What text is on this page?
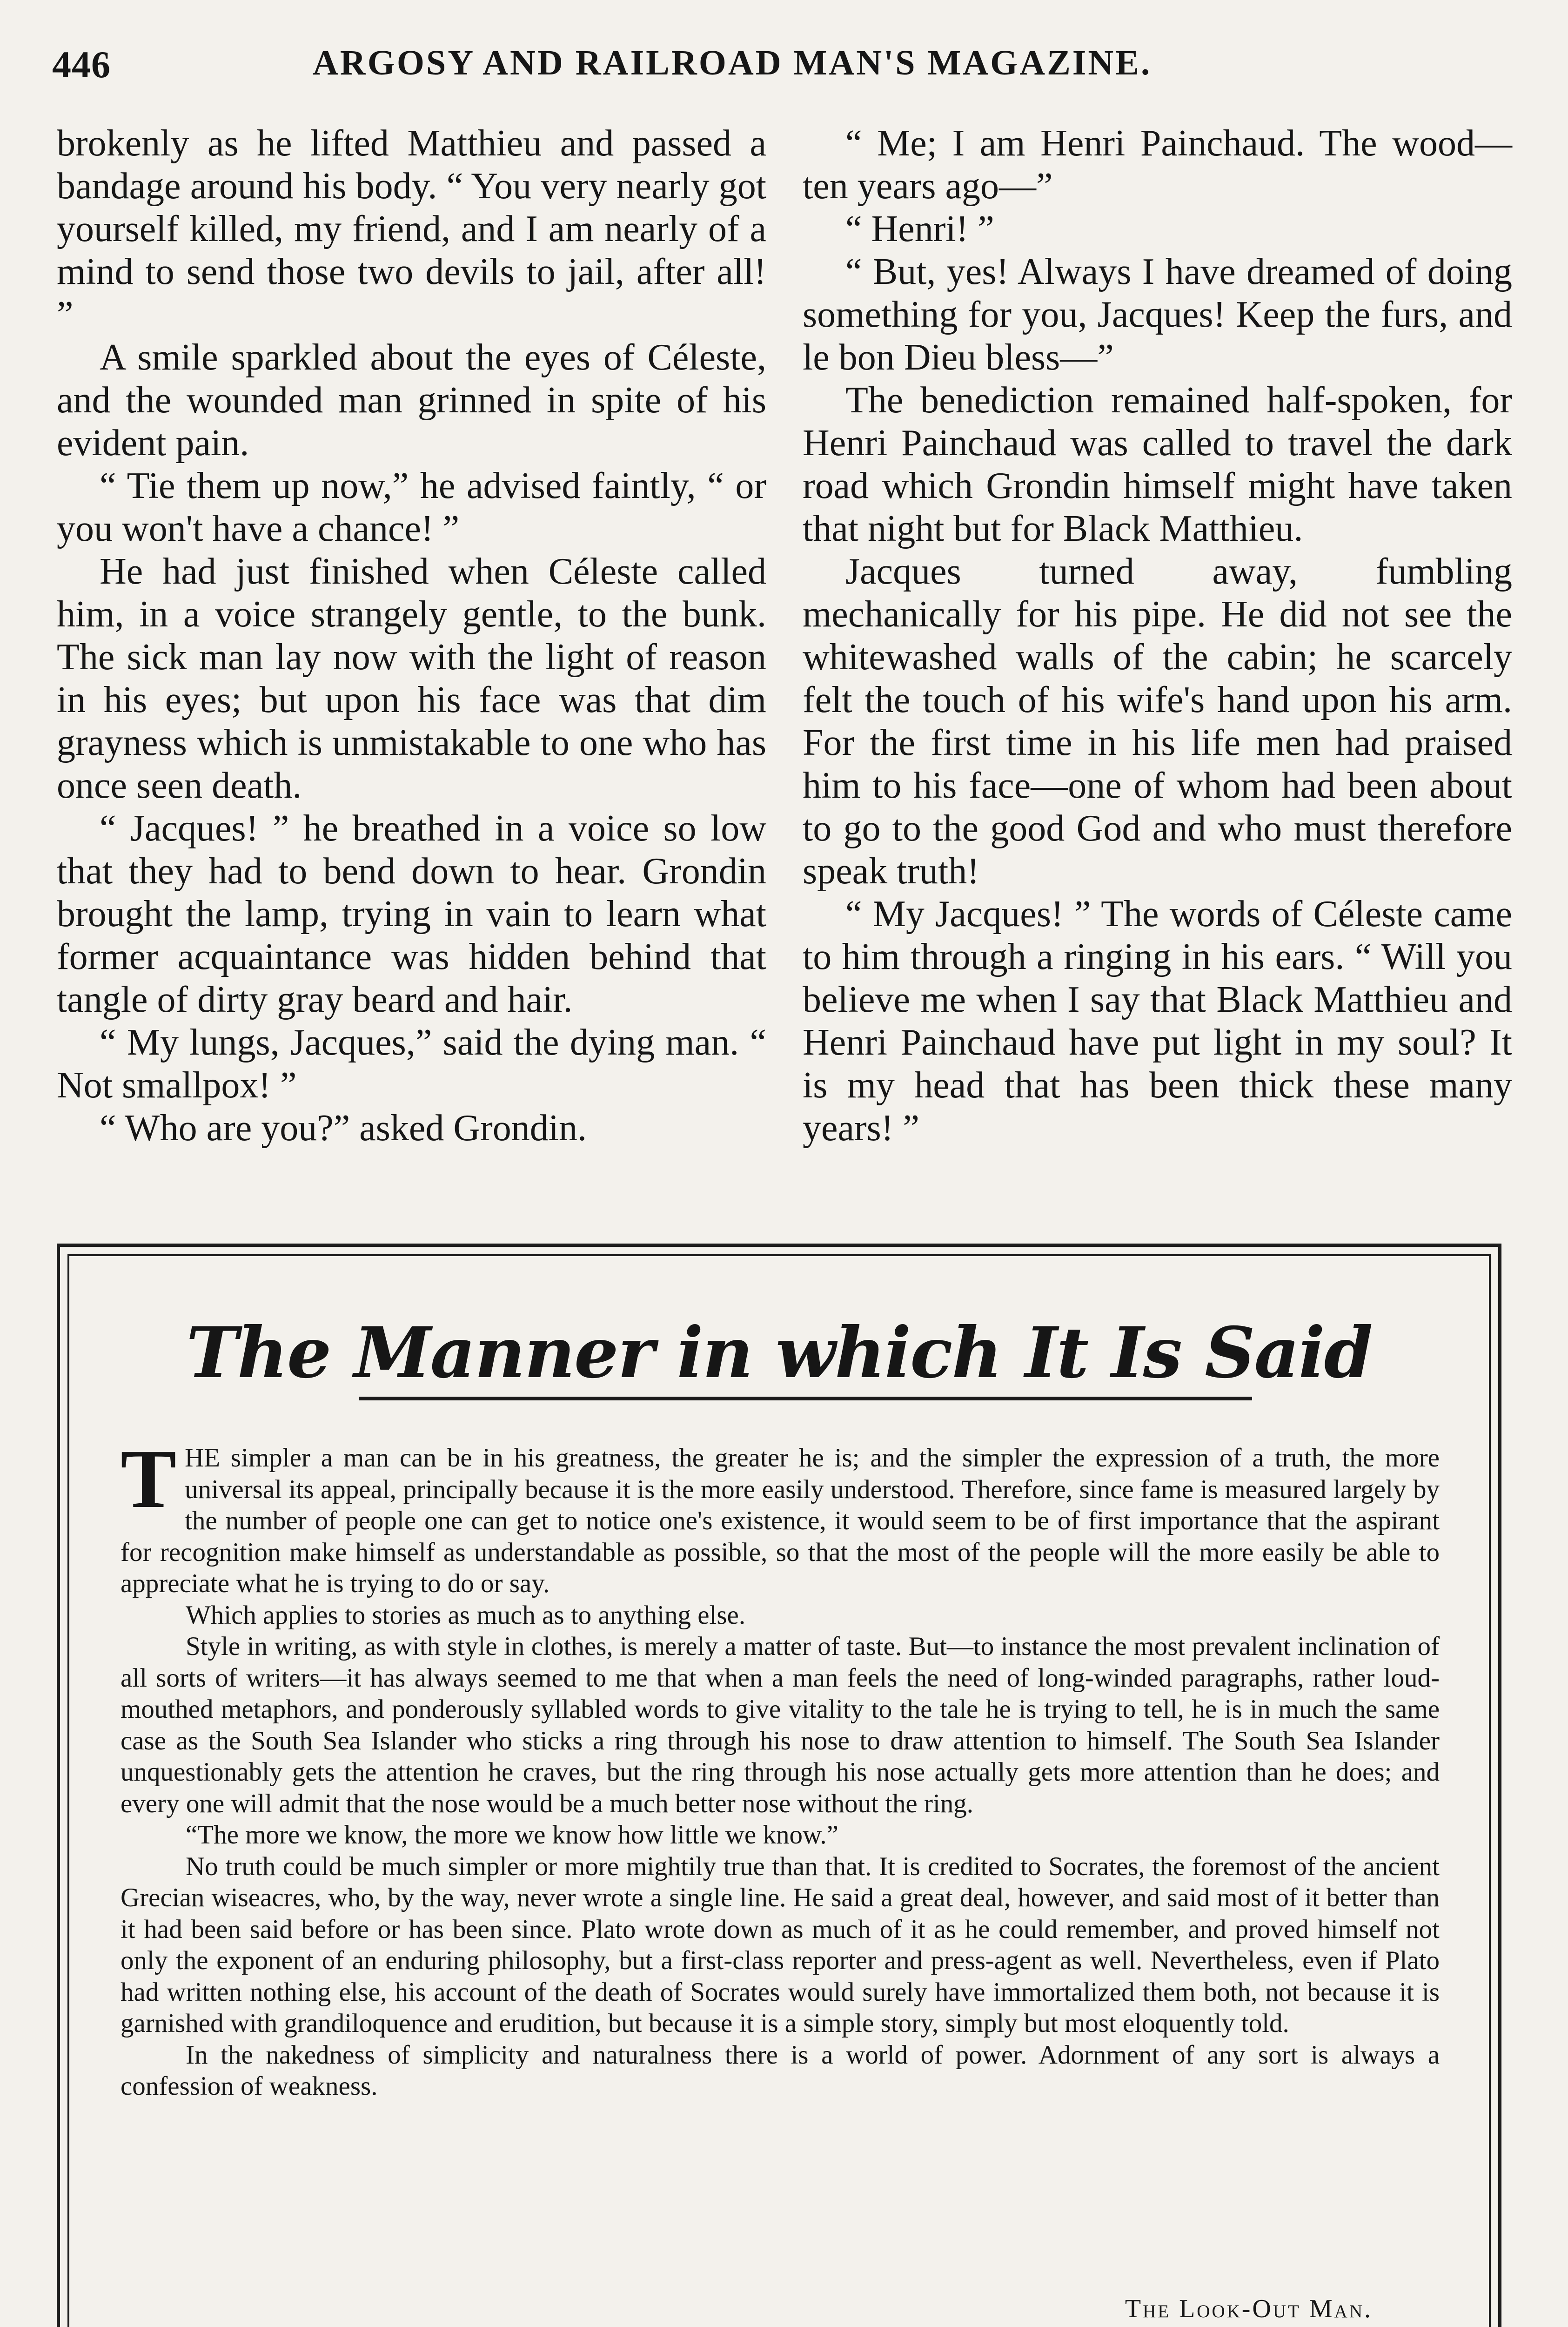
446	ARGOSY AND RAILROAD MAN'S MAGAZINE.

brokenly as he lifted Matthieu and passed a bandage around his body. “ You very nearly got yourself killed, my friend, and I am nearly of a mind to send those two devils to jail, after all! ”

A smile sparkled about the eyes of Céleste, and the wounded man grinned in spite of his evident pain.

“ Tie them up now,” he advised faintly, “ or you won't have a chance! ”

He had just finished when Céleste called him, in a voice strangely gentle, to the bunk. The sick man lay now with the light of reason in his eyes; but upon his face was that dim grayness which is unmistakable to one who has once seen death.

“ Jacques! ” he breathed in a voice so low that they had to bend down to hear. Grondin brought the lamp, trying in vain to learn what former acquaintance was hidden behind that tangle of dirty gray beard and hair.

“ My lungs, Jacques,” said the dying man. “ Not smallpox! ”

“ Who are you?” asked Grondin.

“ Me; I am Henri Painchaud. The wood—ten years ago—”

“ Henri! ”

“ But, yes! Always I have dreamed of doing something for you, Jacques! Keep the furs, and le bon Dieu bless—”

The benediction remained half-spoken, for Henri Painchaud was called to travel the dark road which Grondin himself might have taken that night but for Black Matthieu.

Jacques turned away, fumbling mechanically for his pipe. He did not see the whitewashed walls of the cabin; he scarcely felt the touch of his wife's hand upon his arm. For the first time in his life men had praised him to his face—one of whom had been about to go to the good God and who must therefore speak truth!

“ My Jacques! ” The words of Céleste came to him through a ringing in his ears. “ Will you believe me when I say that Black Matthieu and Henri Painchaud have put light in my soul? It is my head that has been thick these many years! ”

The Manner in which It Is Said

THE simpler a man can be in his greatness, the greater he is; and the simpler the expression of a truth, the more universal its appeal, principally because it is the more easily understood. Therefore, since fame is measured largely by the number of people one can get to notice one's existence, it would seem to be of first importance that the aspirant for recognition make himself as understandable as possible, so that the most of the people will the more easily be able to appreciate what he is trying to do or say.

Which applies to stories as much as to anything else.

Style in writing, as with style in clothes, is merely a matter of taste. But—to instance the most prevalent inclination of all sorts of writers—it has always seemed to me that when a man feels the need of long-winded paragraphs, rather loud-mouthed metaphors, and ponderously syllabled words to give vitality to the tale he is trying to tell, he is in much the same case as the South Sea Islander who sticks a ring through his nose to draw attention to himself. The South Sea Islander unquestionably gets the attention he craves, but the ring through his nose actually gets more attention than he does; and every one will admit that the nose would be a much better nose without the ring.

“The more we know, the more we know how little we know.”

No truth could be much simpler or more mightily true than that. It is credited to Socrates, the foremost of the ancient Grecian wiseacres, who, by the way, never wrote a single line. He said a great deal, however, and said most of it better than it had been said before or has been since. Plato wrote down as much of it as he could remember, and proved himself not only the exponent of an enduring philosophy, but a first-class reporter and press-agent as well. Nevertheless, even if Plato had written nothing else, his account of the death of Socrates would surely have immortalized them both, not because it is garnished with grandiloquence and erudition, but because it is a simple story, simply but most eloquently told.

In the nakedness of simplicity and naturalness there is a world of power. Adornment of any sort is always a confession of weakness.

The Look-Out Man.
